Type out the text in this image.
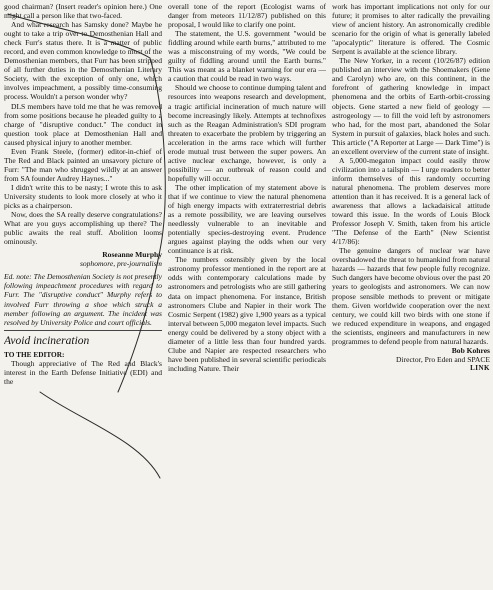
good chairman? (Insert reader's opinion here.) One might call a person like that two-faced.

And what research has Samsky done? Maybe he ought to take a trip over to Demosthenian Hall and check Furr's status there. It is a matter of public record, and even common knowledge to most of the Demosthenian members, that Furr has been stripped of all further duties in the Demosthenian Literary Society, with the exception of only one, which involves impeachment, a possibly time-consuming process. Wouldn't a person wonder why?

DLS members have told me that he was removed from some positions because he pleaded guilty to a charge of "disruptive conduct." The conduct in question took place at Demosthenian Hall and caused physical injury to another member.

Even Frank Steele, (former) editor-in-chief of The Red and Black painted an unsavory picture of Furr: "The man who shrugged wildly at an answer from SA founder Audrey Haynes..."

I didn't write this to be nasty; I wrote this to ask University students to look more closely at who it picks as a chairperson.

Now, does the SA really deserve congratulations? What are you guys accomplishing up there? The public awaits the real stuff. Abolition looms ominously.

Roseanne Murphy
sophomore, pre-journalism
Ed. note: The Demosthenian Society is not presently following impeachment procedures with regard to Furr. The "disruptive conduct" Murphy refers to involved Furr throwing a shoe which struck a member following an argument. The incident was resolved by University Police and court officials.
Avoid incineration
TO THE EDITOR:

Though appreciative of The Red and Black's interest in the Earth Defense Initiative (EDI) and the

overall tone of the report (Ecologist warns of danger from meteors 11/12/87) published on this proposal, I would like to clarify one point.

The statement, the U.S. government "would be fiddling around while earth burns," attributed to me was a misconstruing of my words, "We could be guilty of fiddling around until the Earth burns." This was meant as a blanket warning for our era — a caution that could be read in two ways.

Should we choose to continue dumping talent and resources into weapons research and development, a tragic artificial incineration of much nature will become increasingly likely. Attempts at technofixes such as the Reagan Administration's SDI program threaten to exacerbate the problem by triggering an acceleration in the arms race which will further erode mutual trust between the super powers. An active nuclear exchange, however, is only a possibility — an outbreak of reason could and hopefully will occur.

The other implication of my statement above is that if we continue to view the natural phenomena of high energy impacts with extraterrestrial debris as a remote possibility, we are leaving ourselves needlessly vulnerable to an inevitable and potentially species-destroying event. Prudence argues against playing the odds when our very continuance is at risk.

The numbers ostensibly given by the local astronomy professor mentioned in the report are at odds with contemporary calculations made by astronomers and petrologists who are still gathering data on impact phenomena. For instance, British astronomers Clube and Napier in their work The Cosmic Serpent (1982) give 1,900 years as a typical interval between 5,000 megaton level impacts. Such energy could be delivered by a stony object with a diameter of a little less than four hundred yards. Clube and Napier are respected researchers who have been published in several scientific periodicals including Nature. Their

work has important implications not only for our future; it promises to alter radically the prevailing view of ancient history. An astronomically credible scenario for the origin of what is generally labeled "apocalyptic" literature is offered. The Cosmic Serpent is available at the science library.

The New Yorker, in a recent (10/26/87) edition published an interview with the Shoemakers (Gene and Carolyn) who are, on this continent, in the forefront of gathering knowledge in impact phenomena and the orbits of Earth-orbit-crossing objects. Gene started a new field of geology — astrogeology — to fill the void left by astronomers who had, for the most part, abandoned the Solar System in pursuit of galaxies, black holes and such. This article ("A Reporter at Large — Dark Time") is an excellent overview of the current state of insight.

A 5,000-megaton impact could easily throw civilization into a tailspin — I urge readers to better inform themselves of this randomly occurring natural phenomena. The problem deserves more attention than it has received. It is a general lack of awareness that allows a lackadaisical attitude toward this issue. In the words of Louis Block Professor Joseph V. Smith, taken from his article "The Defense of the Earth" (New Scientist 4/17/86):

The genuine dangers of nuclear war have overshadowed the threat to humankind from natural hazards — hazards that few people fully recognize. Such dangers have become obvious over the past 20 years to geologists and astronomers. We can now propose sensible methods to prevent or mitigate them. Given worldwide cooperation over the next century, we could kill two birds with one stone if we reduced expenditure in weapons, and engaged the scientists, engineers and manufacturers in new programmes to defend people from natural hazards.

Bob Kohres
Director, Pro Eden and SPACE
LINK
